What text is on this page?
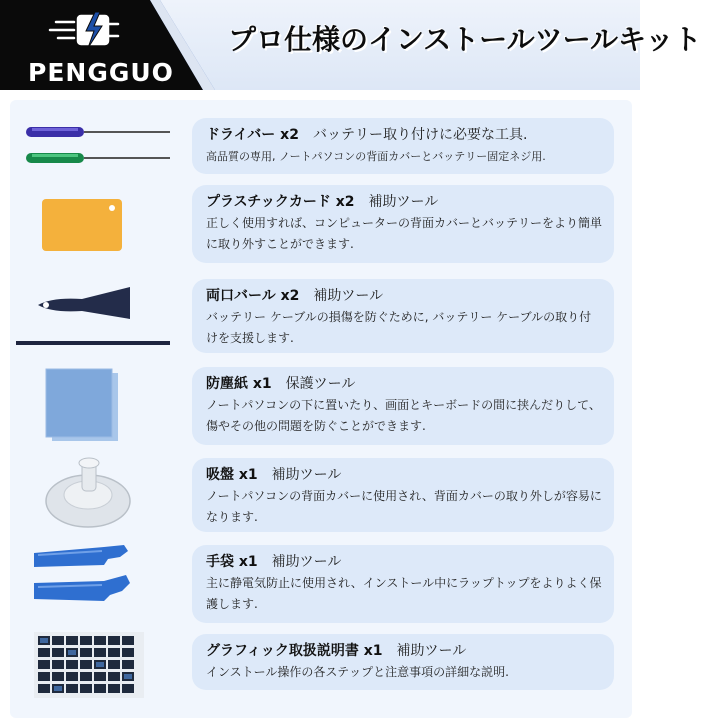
PENGGUO
プロ仕様のインストールツールキット
ドライバー x2 バッテリー取り付けに必要な工具.
高品質の専用, ノートパソコンの背面カバーとバッテリー固定ネジ用.
プラスチックカード x2 補助ツール
正しく使用すれば、コンピューターの背面カバーとバッテリーをより簡単に取り外すことができます.
両口バール x2 補助ツール
バッテリー ケーブルの損傷を防ぐために, バッテリー ケーブルの取り付けを支援します.
防塵紙 x1 保護ツール
ノートパソコンの下に置いたり、画面とキーボードの間に挟んだりして、傷やその他の問題を防ぐことができます.
吸盤 x1 補助ツール
ノートパソコンの背面カバーに使用され、背面カバーの取り外しが容易になります.
手袋 x1 補助ツール
主に静電気防止に使用され、インストール中にラップトップをよりよく保護します.
グラフィック取扱説明書 x1 補助ツール
インストール操作の各ステップと注意事項の詳細な説明.
